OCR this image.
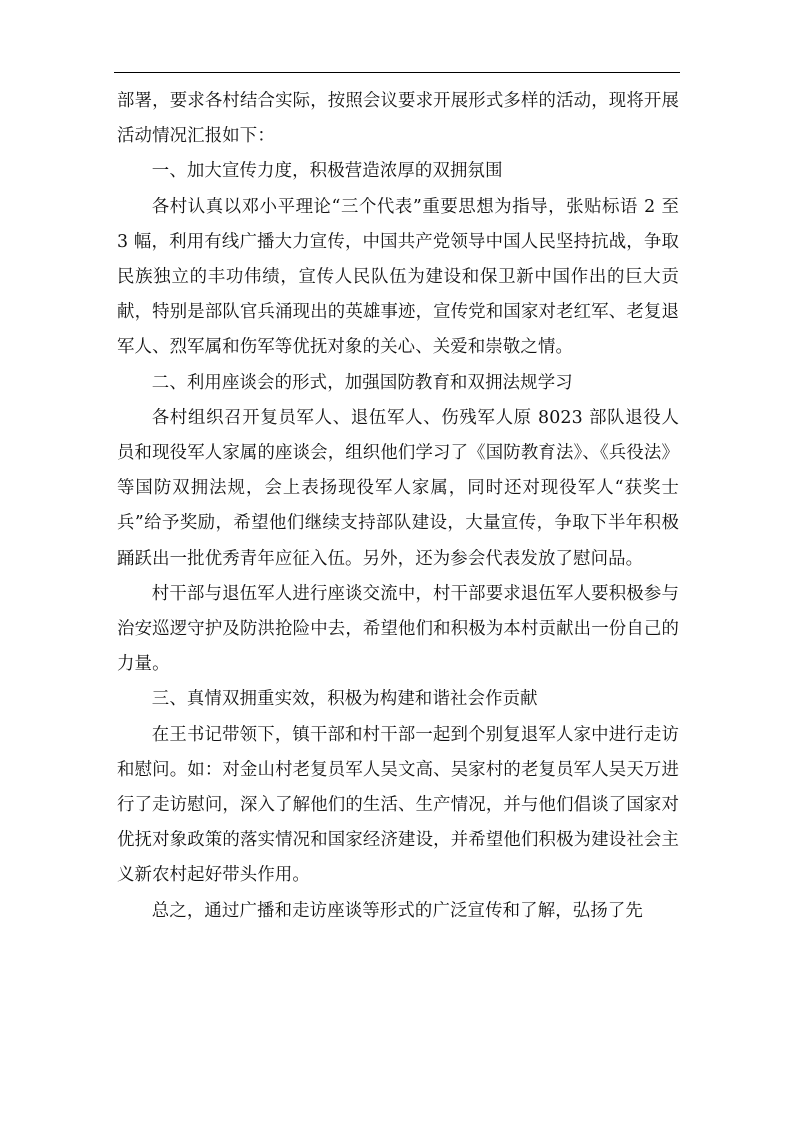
部署，要求各村结合实际，按照会议要求开展形式多样的活动，现将开展活动情况汇报如下：

一、加大宣传力度，积极营造浓厚的双拥氛围

各村认真以邓小平理论“三个代表”重要思想为指导，张贴标语 2 至 3 幅，利用有线广播大力宣传，中国共产党领导中国人民坚持抗战，争取民族独立的丰功伟绩，宣传人民队伍为建设和保卫新中国作出的巨大贡献，特别是部队官兵涌现出的英雄事迹，宣传党和国家对老红军、老复退军人、烈军属和伤军等优抚对象的关心、关爱和崇敬之情。

二、利用座谈会的形式，加强国防教育和双拥法规学习

各村组织召开复员军人、退伍军人、伤残军人原 8023 部队退役人员和现役军人家属的座谈会，组织他们学习了《国防教育法》、《兵役法》等国防双拥法规，会上表扬现役军人家属，同时还对现役军人“获奖士兵”给予奖励，希望他们继续支持部队建设，大量宣传，争取下半年积极踊跃出一批优秀青年应征入伍。另外，还为参会代表发放了慰问品。

村干部与退伍军人进行座谈交流中，村干部要求退伍军人要积极参与治安巡逻守护及防洪抢险中去，希望他们和积极为本村贡献出一份自己的力量。

三、真情双拥重实效，积极为构建和谐社会作贡献

在王书记带领下，镇干部和村干部一起到个别复退军人家中进行走访和慰问。如：对金山村老复员军人吴文高、吴家村的老复员军人吴天万进行了走访慰问，深入了解他们的生活、生产情况，并与他们倡谈了国家对优抚对象政策的落实情况和国家经济建设，并希望他们积极为建设社会主义新农村起好带头作用。

总之，通过广播和走访座谈等形式的广泛宣传和了解，弘扬了先
